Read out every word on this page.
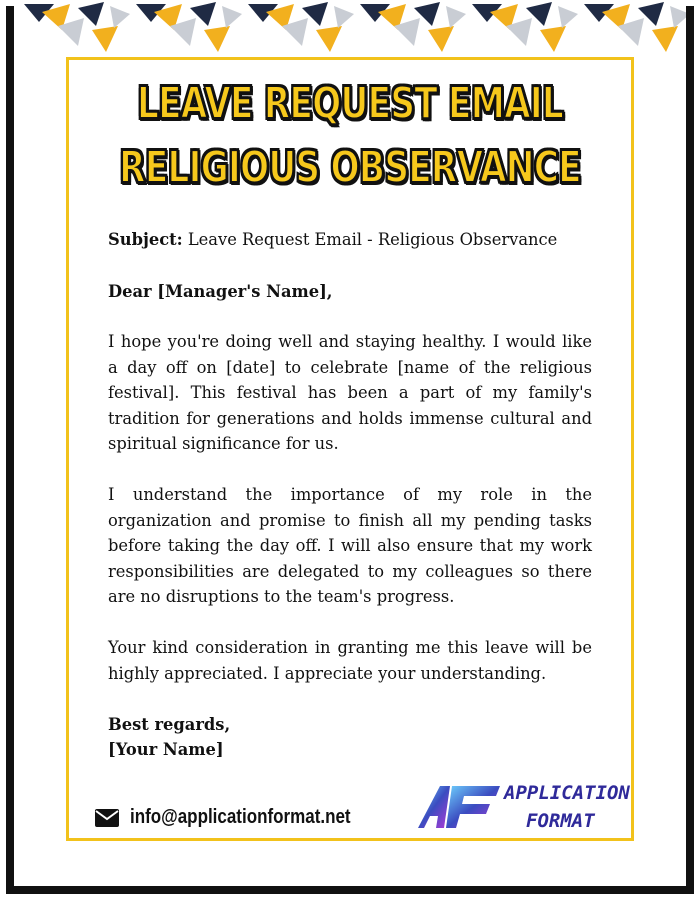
LEAVE REQUEST EMAIL
RELIGIOUS OBSERVANCE
Subject: Leave Request Email - Religious Observance
Dear [Manager's Name],
I hope you're doing well and staying healthy. I would like a day off on [date] to celebrate [name of the religious festival]. This festival has been a part of my family's tradition for generations and holds immense cultural and spiritual significance for us.
I understand the importance of my role in the organization and promise to finish all my pending tasks before taking the day off. I will also ensure that my work responsibilities are delegated to my colleagues so there are no disruptions to the team's progress.
Your kind consideration in granting me this leave will be highly appreciated. I appreciate your understanding.
Best regards,
[Your Name]
info@applicationformat.net
APPLICATION
FORMAT
